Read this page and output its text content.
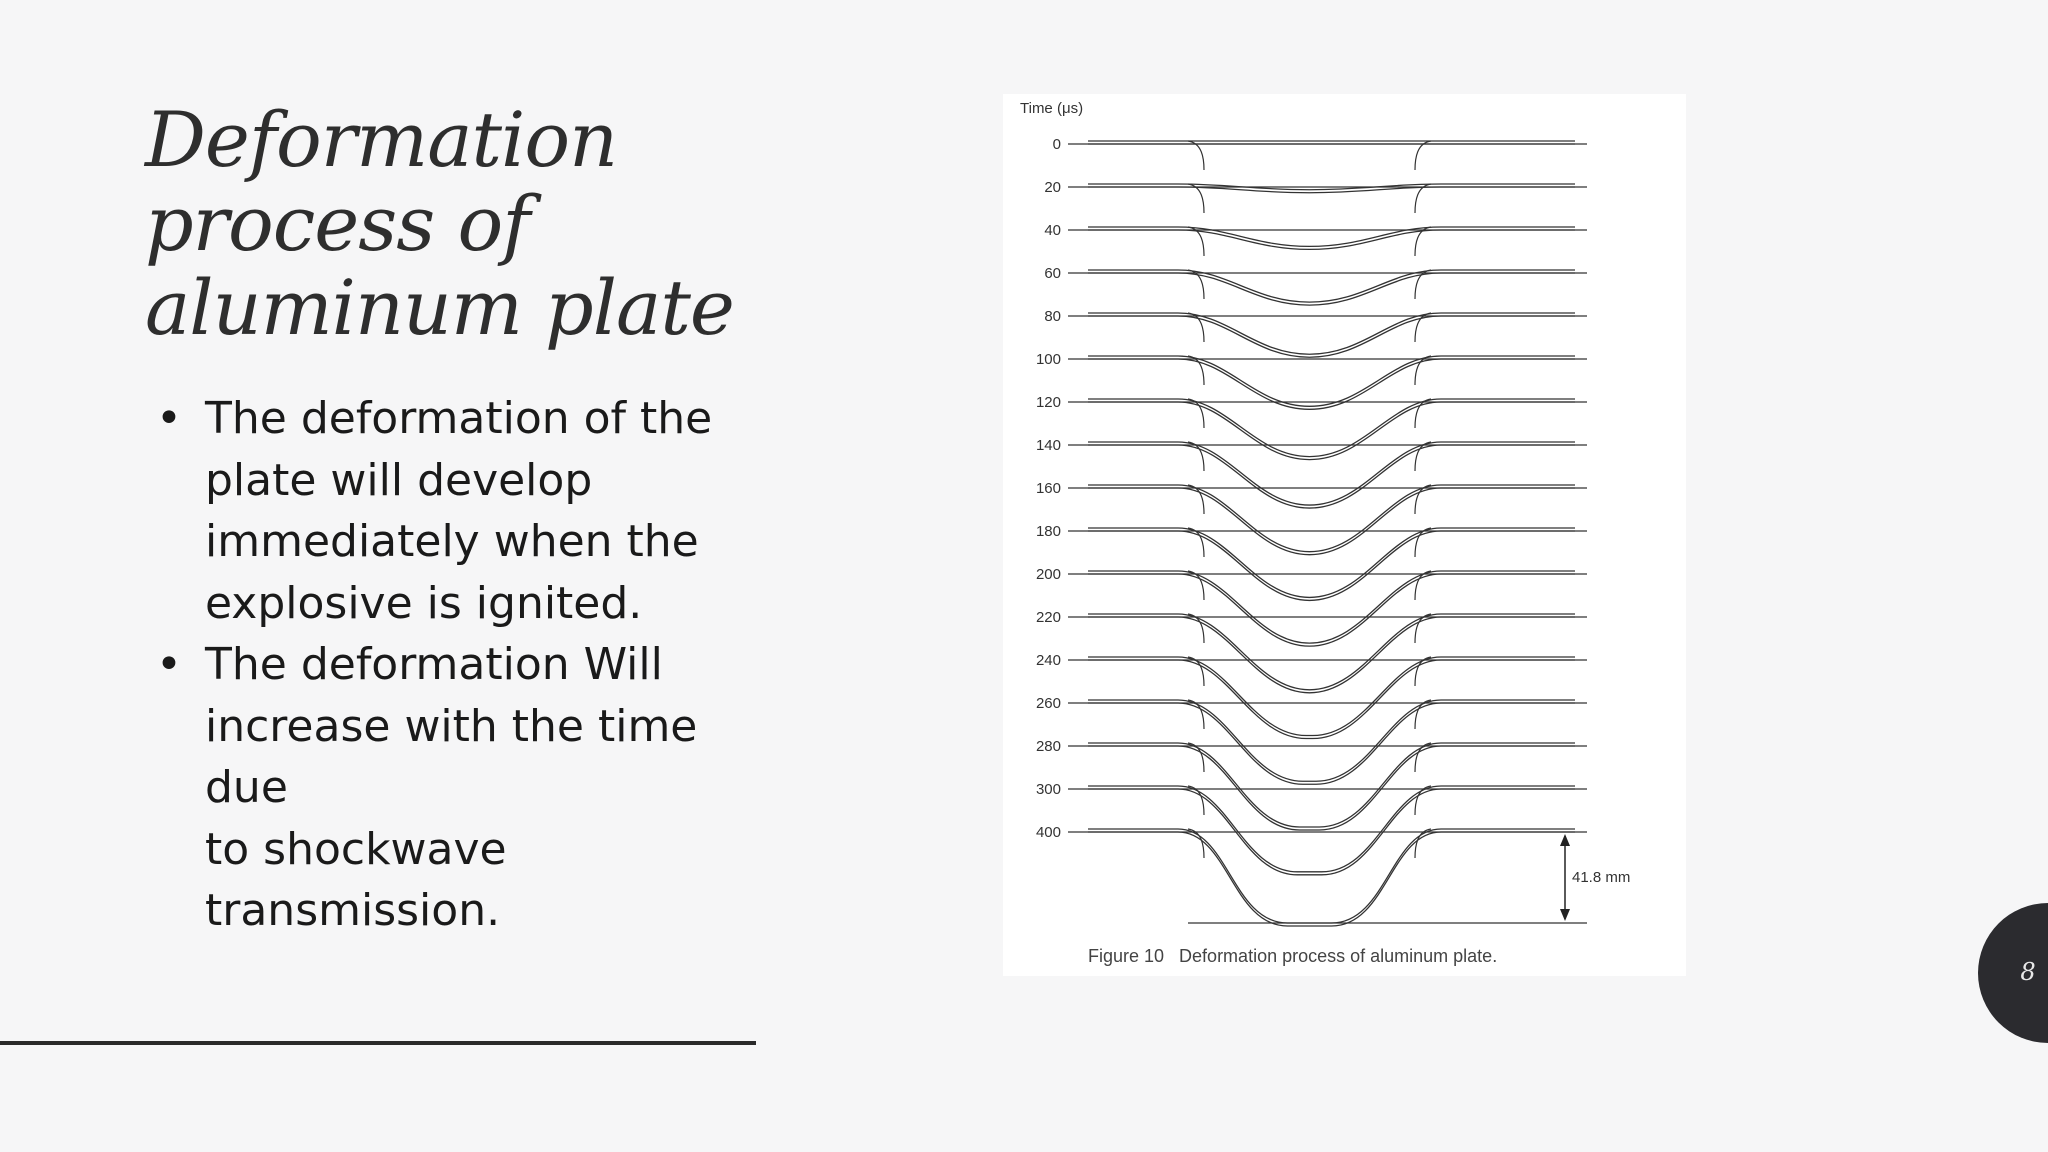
Deformation
process of
aluminum plate
• The deformation of the
plate will develop
immediately when the
explosive is ignited.
• The deformation Will
increase with the time due
to shockwave
transmission.
Time (μs)
0
20
40
60
80
100
120
140
160
180
200
220
240
260
280
300
400
41.8 mm
Figure 10   Deformation process of aluminum plate.
8
